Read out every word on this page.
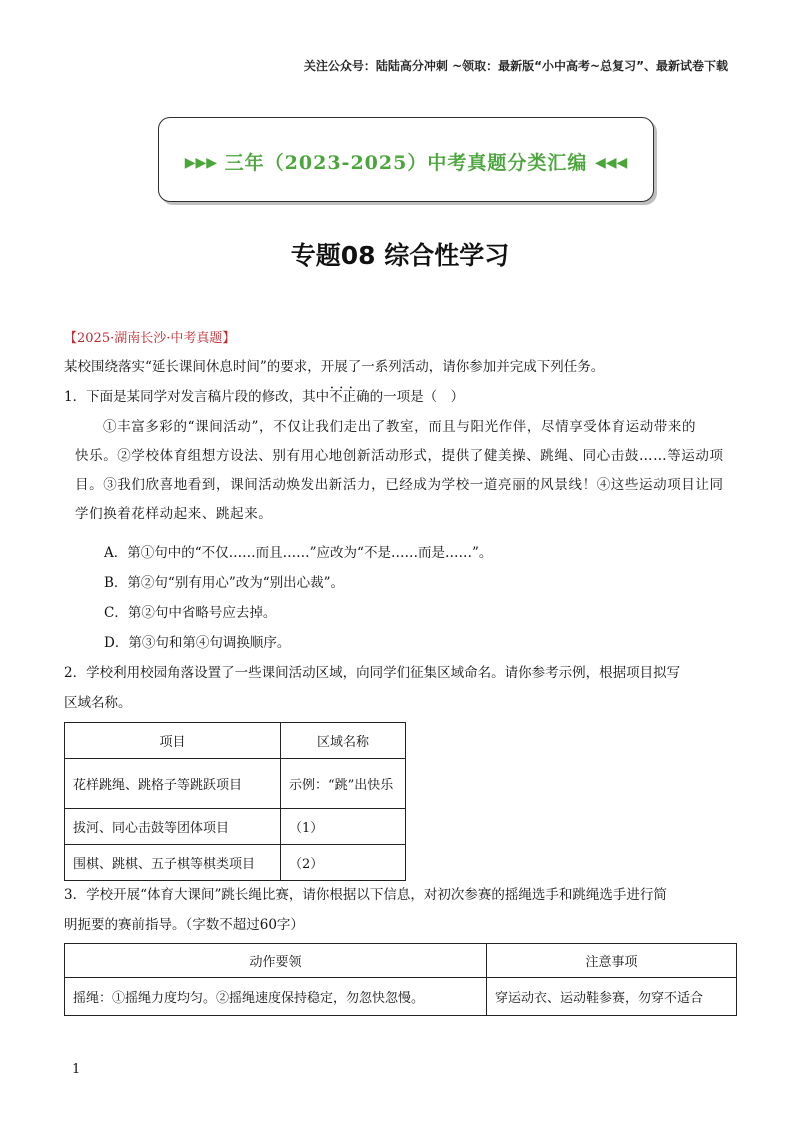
关注公众号：陆陆高分冲刺 ~领取：最新版“小中高考~总复习”、最新试卷下载
▶▶▶ 三年（2023-2025）中考真题分类汇编 ◀◀◀
专题08 综合性学习
【2025·湖南长沙·中考真题】
某校围绕落实“延长课间休息时间”的要求，开展了一系列活动，请你参加并完成下列任务。
1．下面是某同学对发言稿片段的修改，其中• • • 不正确的一项是（　）
①丰富多彩的“课间活动”，不仅让我们走出了教室，而且与阳光作伴，尽情享受体育运动带来的
快乐。②学校体育组想方设法、别有用心地创新活动形式，提供了健美操、跳绳、同心击鼓……等运动项
目。③我们欣喜地看到，课间活动焕发出新活力，已经成为学校一道亮丽的风景线！④这些运动项目让同
学们换着花样动起来、跳起来。
A．第①句中的“不仅……而且……”应改为“不是……而是……”。
B．第②句“别有用心”改为“别出心裁”。
C．第②句中省略号应去掉。
D．第③句和第④句调换顺序。
2．学校利用校园角落设置了一些课间活动区域，向同学们征集区域命名。请你参考示例，根据项目拟写
区域名称。
项目	区域名称
花样跳绳、跳格子等跳跃项目	示例：“跳”出快乐
拔河、同心击鼓等团体项目	（1）
围棋、跳棋、五子棋等棋类项目	（2）
3．学校开展“体育大课间”跳长绳比赛，请你根据以下信息，对初次参赛的摇绳选手和跳绳选手进行简
明扼要的赛前指导。（字数不超过60字）
动作要领	注意事项
摇绳：①摇绳力度均匀。②摇绳速度保持稳定，勿忽快忽慢。	穿运动衣、运动鞋参赛，勿穿不适合
1
